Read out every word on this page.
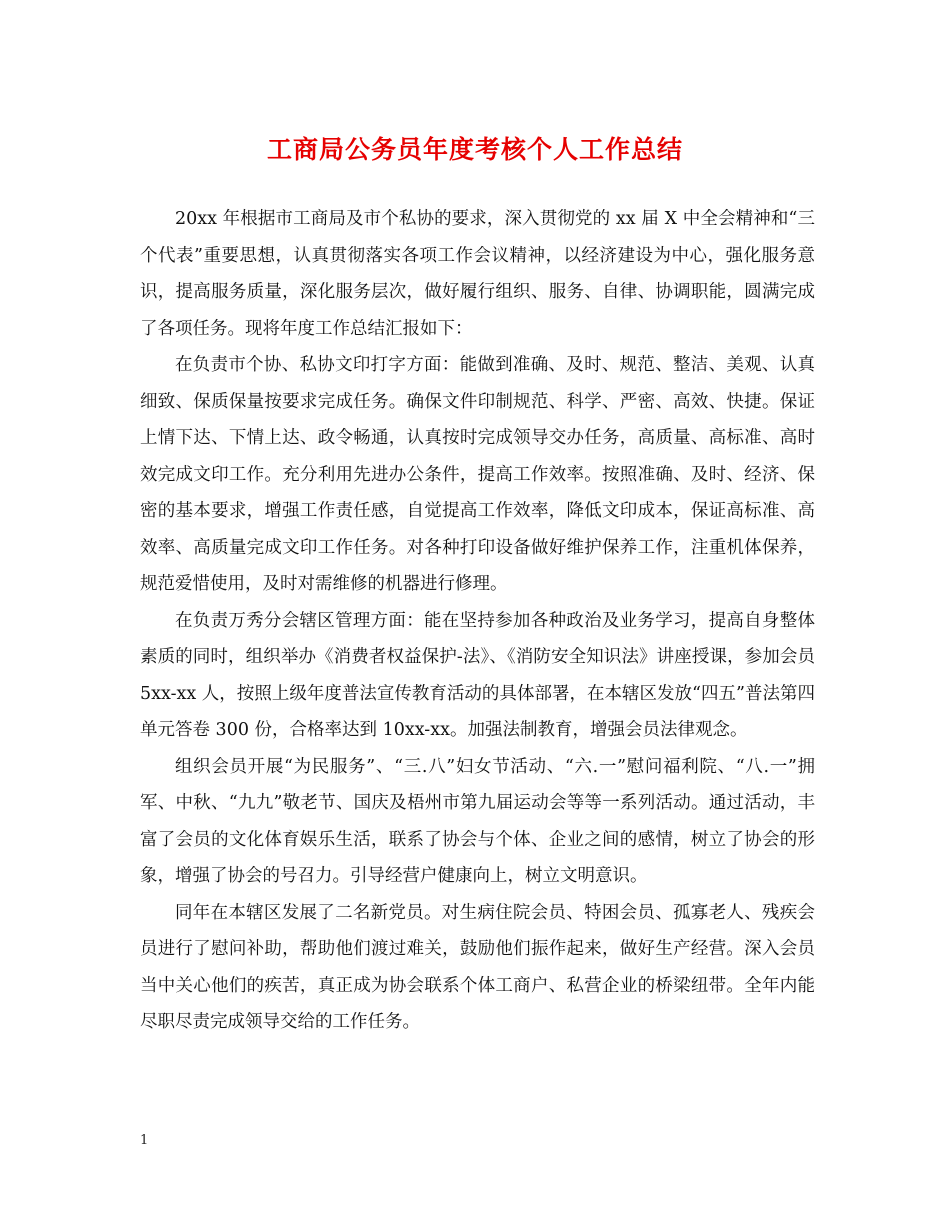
工商局公务员年度考核个人工作总结

20xx 年根据市工商局及市个私协的要求，深入贯彻党的 xx 届 X 中全会精神和“三个代表”重要思想，认真贯彻落实各项工作会议精神，以经济建设为中心，强化服务意识，提高服务质量，深化服务层次，做好履行组织、服务、自律、协调职能，圆满完成了各项任务。现将年度工作总结汇报如下：

在负责市个协、私协文印打字方面：能做到准确、及时、规范、整洁、美观、认真细致、保质保量按要求完成任务。确保文件印制规范、科学、严密、高效、快捷。保证上情下达、下情上达、政令畅通，认真按时完成领导交办任务，高质量、高标准、高时效完成文印工作。充分利用先进办公条件，提高工作效率。按照准确、及时、经济、保密的基本要求，增强工作责任感，自觉提高工作效率，降低文印成本，保证高标准、高效率、高质量完成文印工作任务。对各种打印设备做好维护保养工作，注重机体保养，规范爱惜使用，及时对需维修的机器进行修理。

在负责万秀分会辖区管理方面：能在坚持参加各种政治及业务学习，提高自身整体素质的同时，组织举办《消费者权益保护-法》、《消防安全知识法》讲座授课，参加会员 5xx-xx 人，按照上级年度普法宣传教育活动的具体部署，在本辖区发放“四五”普法第四单元答卷 300 份，合格率达到 10xx-xx。加强法制教育，增强会员法律观念。

组织会员开展“为民服务”、“三.八”妇女节活动、“六.一”慰问福利院、“八.一”拥军、中秋、“九九”敬老节、国庆及梧州市第九届运动会等等一系列活动。通过活动，丰富了会员的文化体育娱乐生活，联系了协会与个体、企业之间的感情，树立了协会的形象，增强了协会的号召力。引导经营户健康向上，树立文明意识。

同年在本辖区发展了二名新党员。对生病住院会员、特困会员、孤寡老人、残疾会员进行了慰问补助，帮助他们渡过难关，鼓励他们振作起来，做好生产经营。深入会员当中关心他们的疾苦，真正成为协会联系个体工商户、私营企业的桥梁纽带。全年内能尽职尽责完成领导交给的工作任务。

1
